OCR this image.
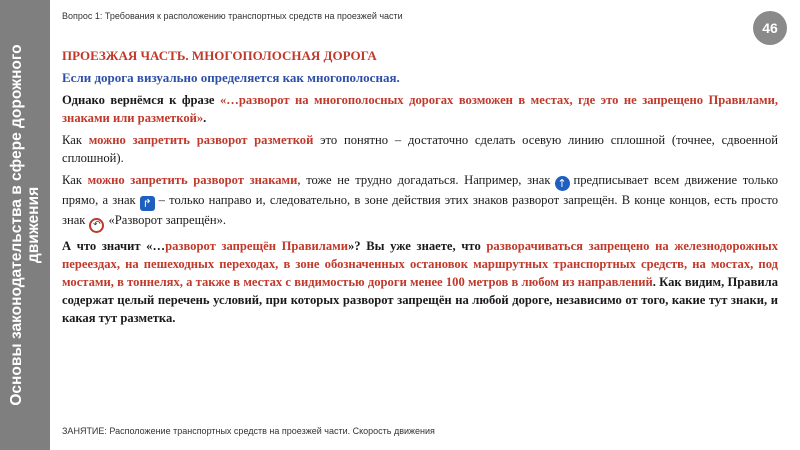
Основы законодательства в сфере дорожного движения
Вопрос 1: Требования к расположению транспортных средств на проезжей части
46
ПРОЕЗЖАЯ ЧАСТЬ. МНОГОПОЛОСНАЯ ДОРОГА
Если дорога визуально определяется как многополосная.

Однако вернёмся к фразе «…разворот на многополосных дорогах возможен в местах, где это не запрещено Правилами, знаками или разметкой».

Как можно запретить разворот разметкой это понятно – достаточно сделать осевую линию сплошной (точнее, сдвоенной сплошной).

Как можно запретить разворот знаками, тоже не трудно догадаться. Например, знак ↑ предписывает всем движение только прямо, а знак ↱ – только направо и, следовательно, в зоне действия этих знаков разворот запрещён. В конце концов, есть просто знак ↶ «Разворот запрещён».

А что значит «…разворот запрещён Правилами»? Вы уже знаете, что разворачиваться запрещено на железнодорожных переездах, на пешеходных переходах, в зоне обозначенных остановок маршрутных транспортных средств, на мостах, под мостами, в тоннелях, а также в местах с видимостью дороги менее 100 метров в любом из направлений. Как видим, Правила содержат целый перечень условий, при которых разворот запрещён на любой дороге, независимо от того, какие тут знаки, и какая тут разметка.

ЗАНЯТИЕ: Расположение транспортных средств на проезжей части. Скорость движения
